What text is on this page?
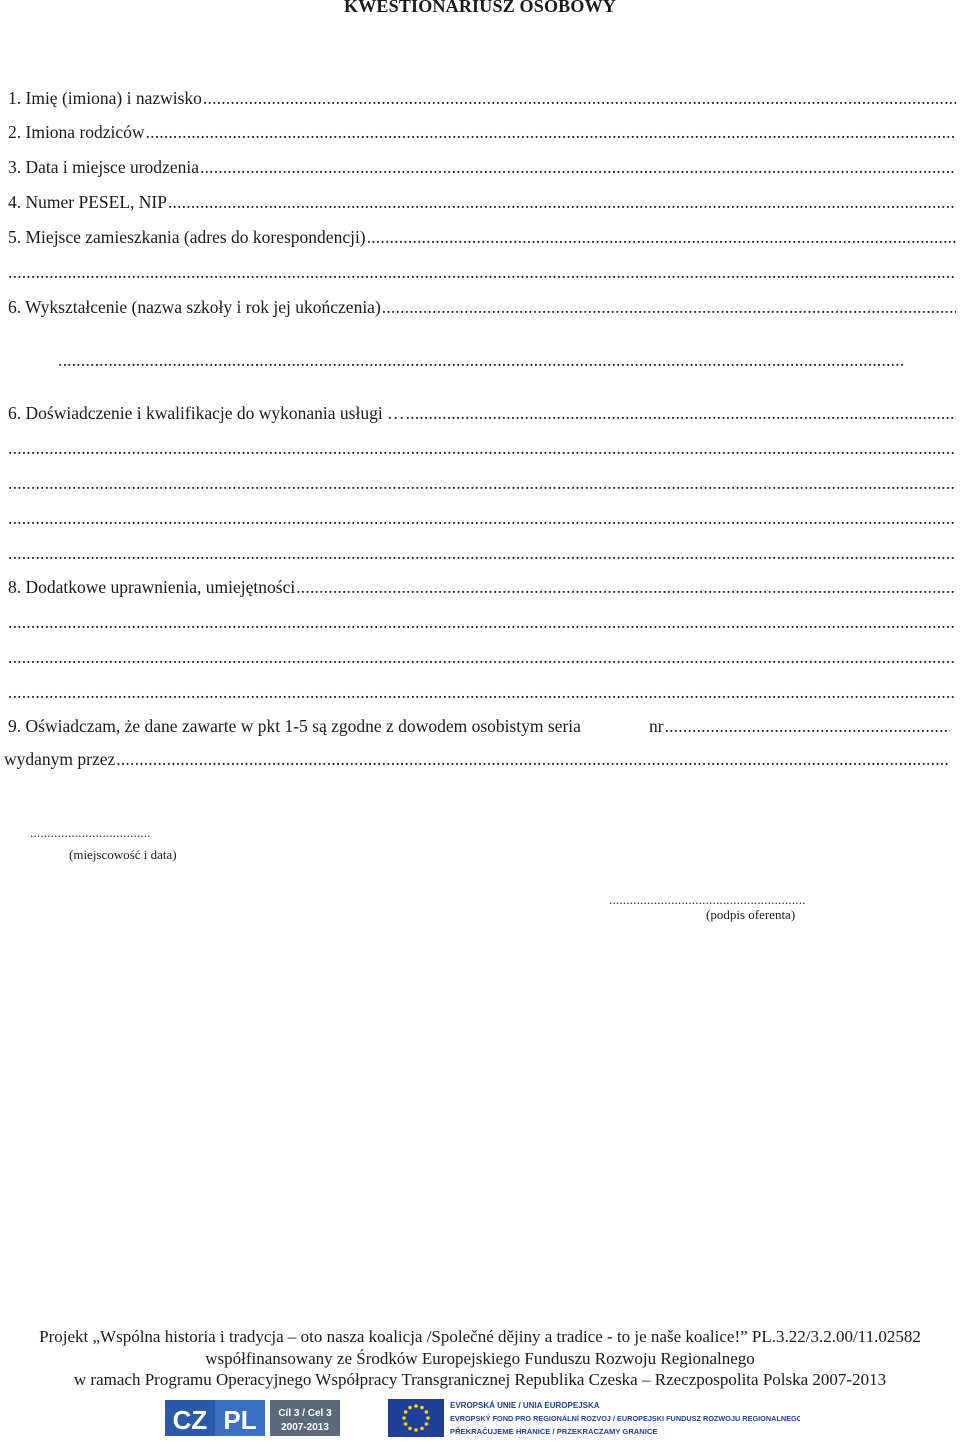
KWESTIONARIUSZ OSOBOWY
1. Imię (imiona) i nazwisko
.....
2. Imiona rodziców
.....
3. Data i miejsce urodzenia
.....
4. Numer PESEL, NIP
.....
5. Miejsce zamieszkania (adres do korespondencji)
.....
.....
6. Wykształcenie (nazwa szkoły i rok jej ukończenia)
.....
.....
6. Doświadczenie i kwalifikacje do wykonania usługi …
.....
.....
.....
.....
.....
8. Dodatkowe uprawnienia, umiejętności
.....
.....
.....
.....
9. Oświadczam, że dane zawarte w pkt 1-5 są zgodne z dowodem osobistym seria	nr
.....
wydanym przez
.....
...................................
(miejscowość i data)
.........................................................
(podpis oferenta)
Projekt „Wspólna historia i tradycja – oto nasza koalicja /Společné dějiny a tradice - to je naše koalice!” PL.3.22/3.2.00/11.02582
współfinansowany ze Środków Europejskiego Funduszu Rozwoju Regionalnego
w ramach Programu Operacyjnego Współpracy Transgranicznej Republika Czeska – Rzeczpospolita Polska 2007-2013
CZ PL Cíl 3 / Cel 3
2007-2013
EVROPSKÁ UNIE / UNIA EUROPEJSKA
EVROPSKÝ FOND PRO REGIONÁLNÍ ROZVOJ / EUROPEJSKI FUNDUSZ ROZWOJU REGIONALNEGO
PŘEKRAČUJEME HRANICE / PRZEKRACZAMY GRANICE
